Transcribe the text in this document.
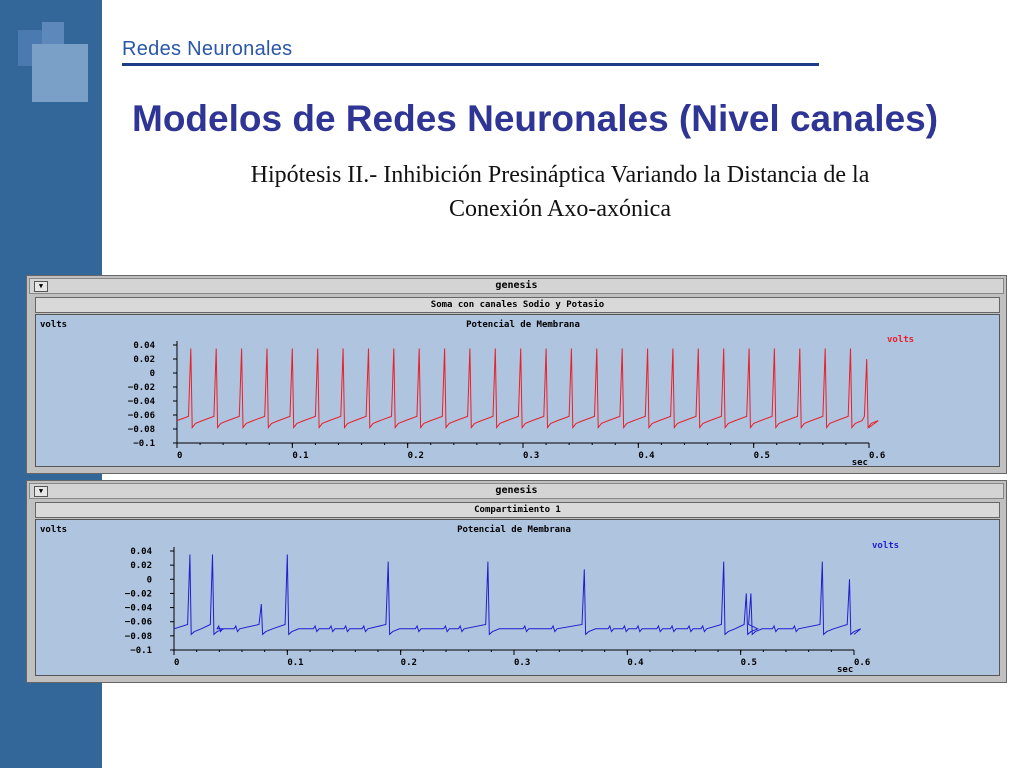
Redes Neuronales
Modelos de Redes Neuronales (Nivel canales)
Hipótesis II.- Inhibición Presináptica Variando la Distancia de la
Conexión Axo-axónica
▼	genesis
Soma con canales Sodio y Potasio
volts	Potencial de Membrana
volts
0.04
0.02
0
−0.02
−0.04
−0.06
−0.08
−0.1
0	0.1	0.2	0.3	0.4	0.5	0.6
sec
▼	genesis
Compartimiento 1
volts	Potencial de Membrana
volts
0.04
0.02
0
−0.02
−0.04
−0.06
−0.08
−0.1
0	0.1	0.2	0.3	0.4	0.5	0.6
sec
